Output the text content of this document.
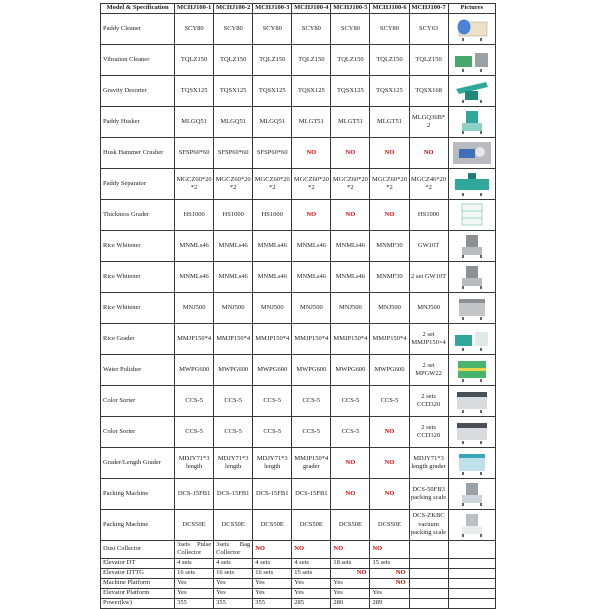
Model & Specification	MCHJ100-1	MCHJ100-2	MCHJ100-3	MCHJ100-4	MCHJ100-5	MCHJ100-6	MCHJ100-7	Pictures
Paddy Cleaner	SCY80	SCY80	SCY80	SCY80	SCY80	SCY80	SCY63	

Vibration Cleaner	TQLZ150	TQLZ150	TQLZ150	TQLZ150	TQLZ150	TQLZ150	TQLZ150	

Gravity Desorter	TQSX125	TQSX125	TQSX125	TQSX125	TQSX125	TQSX125	TQSX168	

Paddy Husker	MLGQ51	MLGQ51	MLGQ51	MLGT51	MLGT51	MLGT51	MLGQ36B*2	

Husk Hammer Crusher	SFSP60*60	SFSP60*60	SFSP60*60	NO	NO	NO	NO	

Paddy Separator	MGCZ60*20*2	MGCZ60*20*2	MGCZ60*20*2	MGCZ60*20*2	MGCZ60*20*2	MGCZ60*20*2	MGCZ46*20*2	

Thickness Grader	HS1000	HS1000	HS1000	NO	NO	NO	HS1000	

Rice Whitener	MNMLs46	MNMLs46	MNMLs46	MNMLs46	MNMLs46	MNMF30	GW10T	

Rice Whitener	MNMLs46	MNMLs46	MNMLs46	MNMLs46	MNMLs46	MNMF30	2 set GW10T	

Rice Whitener	MNJ500	MNJ500	MNJ500	MNJ500	MNJ500	MNJ500	MNJ500	

Rice Grader	MMJP150*4	MMJP150*4	MMJP150*4	MMJP150*4	MMJP150*4	MMJP150*4	2 set MMJP150×4	

Water Polisher	MWPG600	MWPG600	MWPG600	MWPG600	MWPG600	MWPG600	2 set MPGW22	

Color Sorter	CCS-5	CCS-5	CCS-5	CCS-5	CCS-5	CCS-5	2 sets CCD320	

Color Sorter	CCS-5	CCS-5	CCS-5	CCS-5	CCS-5	NO	2 sets CCD320	

Grader/Length Grader	MDJY71*3 length	MDJY71*3 length	MDJY71*3 length	MMJP150*4 grader	NO	NO	MDJY71*3 length grader	

Packing Machine	DCS-15FB1	DCS-15FB1	DCS-15FB1	DCS-15FB1	NO	NO	DCS-50FB3 packing scale	

Packing Machine	DCS50E	DCS50E	DCS50E	DCS50E	DCS50E	DCS50E	DCS-ZKBC vacuum packing scale	

Dust Collector	3sets Pulse Collector	3sets Bag Collector	NO	NO	NO	NO		
Elevator DT	4 sets	4 sets	4 sets	4 sets	18 sets	15 sets		
Elevator DTTG	16 sets	16 sets	16 sets	15 sets	NO	NO		
Machine Platform	Yes	Yes	Yes	Yes	Yes	NO		
Elevator Platform	Yes	Yes	Yes	Yes	Yes	Yes		
Power(kw)	355	355	355	285	280	289		
